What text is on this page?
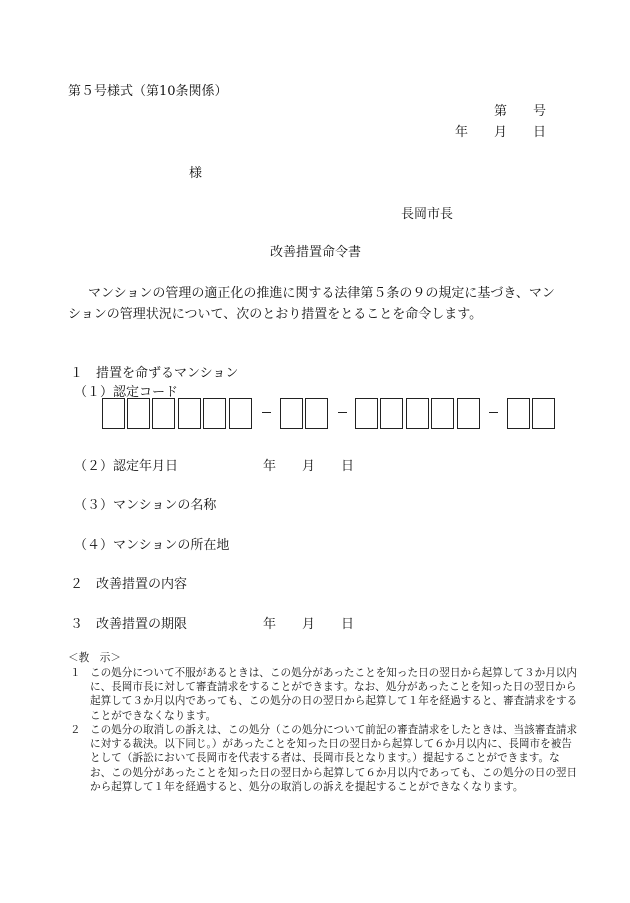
第５号様式（第10条関係）
第　　号
年　　月　　日
様
長岡市長
改善措置命令書
マンションの管理の適正化の推進に関する法律第５条の９の規定に基づき、マン
ションの管理状況について、次のとおり措置をとることを命令します。
１　措置を命ずるマンション
（１）認定コード
（２）認定年月日	年　　月　　日
（３）マンションの名称
（４）マンションの所在地
２　改善措置の内容
３　改善措置の期限	年　　月　　日
＜教　示＞
１ この処分について不服があるときは、この処分があったことを知った日の翌日から起算して３か月以内に、長岡市長に対して審査請求をすることができます。なお、処分があったことを知った日の翌日から起算して３か月以内であっても、この処分の日の翌日から起算して１年を経過すると、審査請求をすることができなくなります。
２ この処分の取消しの訴えは、この処分（この処分について前記の審査請求をしたときは、当該審査請求に対する裁決。以下同じ。）があったことを知った日の翌日から起算して６か月以内に、長岡市を被告として（訴訟において長岡市を代表する者は、長岡市長となります。）提起することができます。なお、この処分があったことを知った日の翌日から起算して６か月以内であっても、この処分の日の翌日から起算して１年を経過すると、処分の取消しの訴えを提起することができなくなります。
